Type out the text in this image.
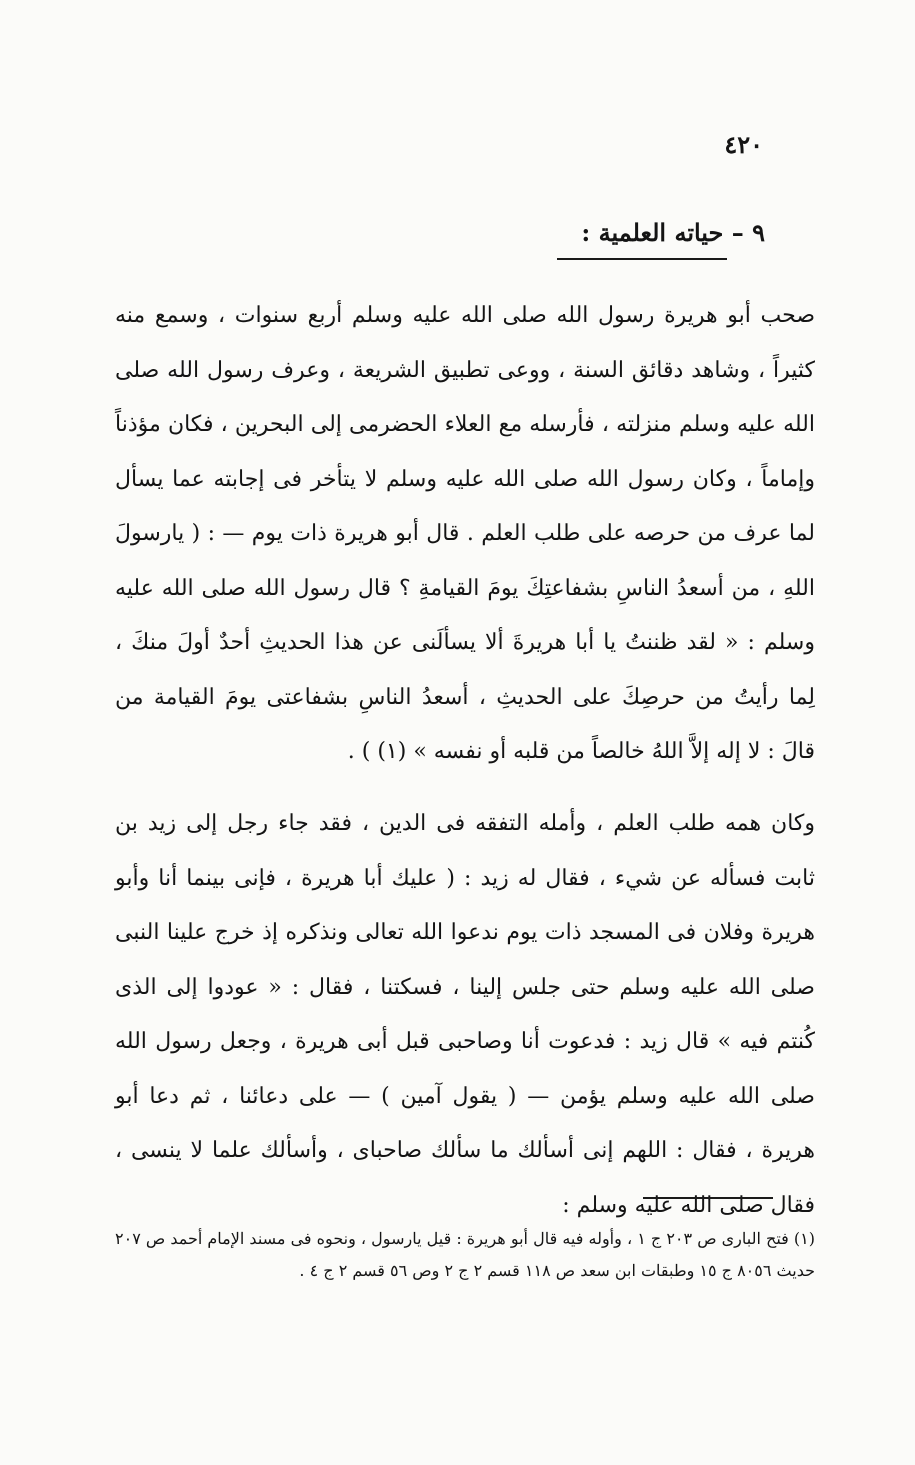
٤٢٠
٩ – حياته العلمية :

صحب أبو هريرة رسول الله صلى الله عليه وسلم أربع سنوات ، وسمع منه كثيراً ، وشاهد دقائق السنة ، ووعى تطبيق الشريعة ، وعرف رسول الله صلى الله عليه وسلم منزلته ، فأرسله مع العلاء الحضرمى إلى البحرين ، فكان مؤذناً وإماماً ، وكان رسول الله صلى الله عليه وسلم لا يتأخر فى إجابته عما يسأل لما عرف من حرصه على طلب العلم . قال أبو هريرة ذات يوم — : ( يارسولَ اللهِ ، من أسعدُ الناسِ بشفاعتِكَ يومَ القيامةِ ؟ قال رسول الله صلى الله عليه وسلم : « لقد ظننتُ يا أبا هريرةَ ألا يسألَنى عن هذا الحديثِ أحدٌ أولَ منكَ ، لِما رأيتُ من حرصِكَ على الحديثِ ، أسعدُ الناسِ بشفاعتى يومَ القيامة من قالَ : لا إله إلاَّ اللهُ خالصاً من قلبه أو نفسه » (١) ) .

وكان همه طلب العلم ، وأمله التفقه فى الدين ، فقد جاء رجل إلى زيد بن ثابت فسأله عن شيء ، فقال له زيد : ( عليك أبا هريرة ، فإنى بينما أنا وأبو هريرة وفلان فى المسجد ذات يوم ندعوا الله تعالى ونذكره إذ خرج علينا النبى صلى الله عليه وسلم حتى جلس إلينا ، فسكتنا ، فقال : « عودوا إلى الذى كُنتم فيه » قال زيد : فدعوت أنا وصاحبى قبل أبى هريرة ، وجعل رسول الله صلى الله عليه وسلم يؤمن — ( يقول آمين ) — على دعائنا ، ثم دعا أبو هريرة ، فقال : اللهم إنى أسألك ما سألك صاحباى ، وأسألك علما لا ينسى ، فقال صلى الله عليه وسلم :

(١) فتح البارى ص ٢٠٣ ج ١ ، وأوله فيه قال أبو هريرة : قيل يارسول ، ونحوه فى مسند الإمام أحمد ص ٢٠٧ حديث ٨٠٥٦ ج ١٥ وطبقات ابن سعد ص ١١٨ قسم ٢ ج ٢ وص ٥٦ قسم ٢ ج ٤ .
